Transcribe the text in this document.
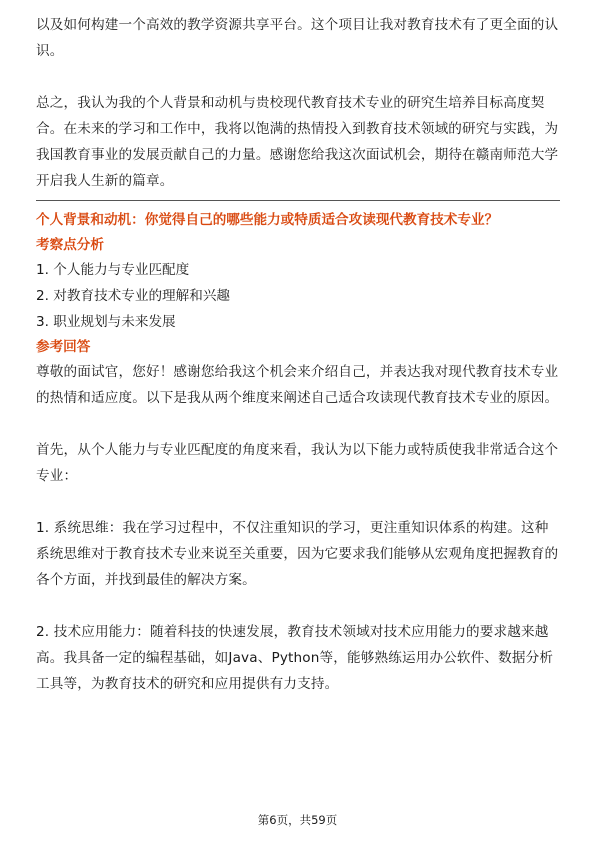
以及如何构建一个高效的教学资源共享平台。这个项目让我对教育技术有了更全面的认识。

总之，我认为我的个人背景和动机与贵校现代教育技术专业的研究生培养目标高度契合。在未来的学习和工作中，我将以饱满的热情投入到教育技术领域的研究与实践，为我国教育事业的发展贡献自己的力量。感谢您给我这次面试机会，期待在赣南师范大学开启我人生新的篇章。

个人背景和动机：你觉得自己的哪些能力或特质适合攻读现代教育技术专业？

考察点分析

1. 个人能力与专业匹配度

2. 对教育技术专业的理解和兴趣

3. 职业规划与未来发展

参考回答

尊敬的面试官，您好！感谢您给我这个机会来介绍自己，并表达我对现代教育技术专业的热情和适应度。以下是我从两个维度来阐述自己适合攻读现代教育技术专业的原因。

首先，从个人能力与专业匹配度的角度来看，我认为以下能力或特质使我非常适合这个专业：

1. 系统思维：我在学习过程中，不仅注重知识的学习，更注重知识体系的构建。这种系统思维对于教育技术专业来说至关重要，因为它要求我们能够从宏观角度把握教育的各个方面，并找到最佳的解决方案。

2. 技术应用能力：随着科技的快速发展，教育技术领域对技术应用能力的要求越来越高。我具备一定的编程基础，如Java、Python等，能够熟练运用办公软件、数据分析工具等，为教育技术的研究和应用提供有力支持。

第6页，共59页
